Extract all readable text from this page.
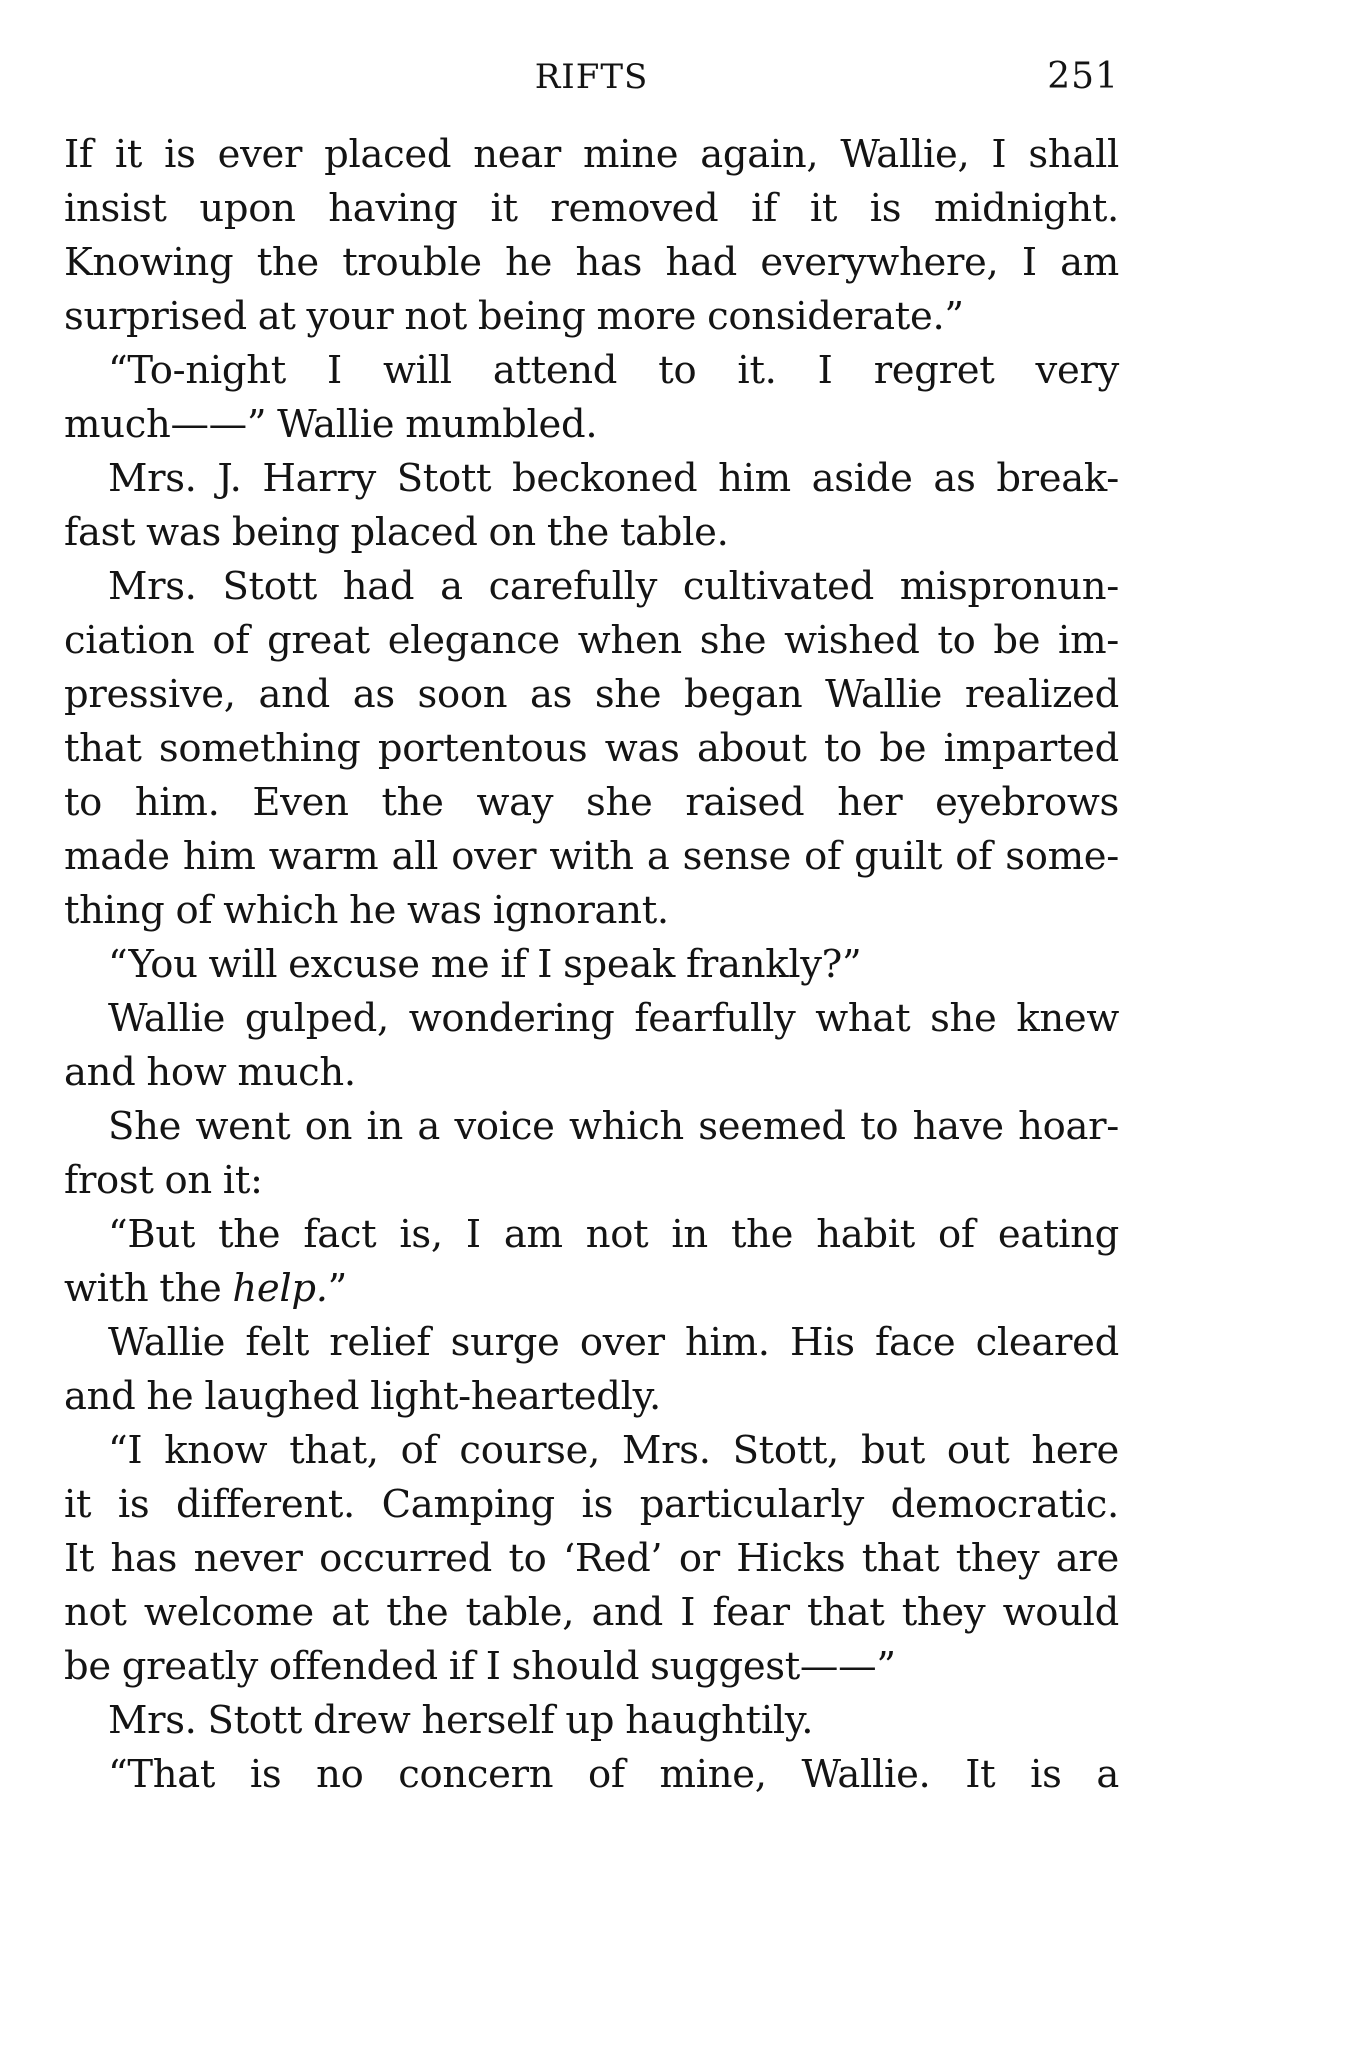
RIFTS	251
If it is ever placed near mine again, Wallie, I shall
insist upon having it removed if it is midnight.
Knowing the trouble he has had everywhere, I am
surprised at your not being more considerate.”
“To-night I will attend to it. I regret very
much——” Wallie mumbled.
Mrs. J. Harry Stott beckoned him aside as break-
fast was being placed on the table.
Mrs. Stott had a carefully cultivated mispronun-
ciation of great elegance when she wished to be im-
pressive, and as soon as she began Wallie realized
that something portentous was about to be imparted
to him. Even the way she raised her eyebrows
made him warm all over with a sense of guilt of some-
thing of which he was ignorant.
“You will excuse me if I speak frankly?”
Wallie gulped, wondering fearfully what she knew
and how much.
She went on in a voice which seemed to have hoar-
frost on it:
“But the fact is, I am not in the habit of eating
with the help.”
Wallie felt relief surge over him. His face cleared
and he laughed light-heartedly.
“I know that, of course, Mrs. Stott, but out here
it is different. Camping is particularly democratic.
It has never occurred to ‘Red’ or Hicks that they are
not welcome at the table, and I fear that they would
be greatly offended if I should suggest——”
Mrs. Stott drew herself up haughtily.
“That is no concern of mine, Wallie. It is a
